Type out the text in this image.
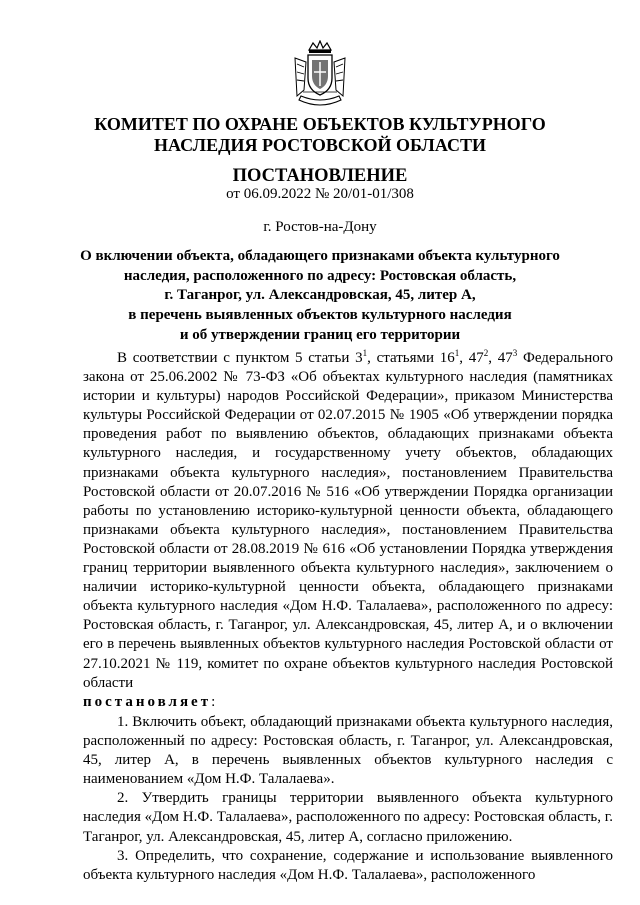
КОМИТЕТ ПО ОХРАНЕ ОБЪЕКТОВ КУЛЬТУРНОГО
НАСЛЕДИЯ РОСТОВСКОЙ ОБЛАСТИ
ПОСТАНОВЛЕНИЕ
от 06.09.2022 № 20/01-01/308
г. Ростов-на-Дону
О включении объекта, обладающего признаками объекта культурного
наследия, расположенного по адресу: Ростовская область,
г. Таганрог, ул. Александровская, 45, литер А,
в перечень выявленных объектов культурного наследия
и об утверждении границ его территории

В соответствии с пунктом 5 статьи $3^1$, статьями $16^1$, $47^2$, $47^3$ Федерального закона от 25.06.2002 № 73-ФЗ «Об объектах культурного наследия (памятниках истории и культуры) народов Российской Федерации», приказом Министерства культуры Российской Федерации от 02.07.2015 № 1905 «Об утверждении порядка проведения работ по выявлению объектов, обладающих признаками объекта культурного наследия, и государственному учету объектов, обладающих признаками объекта культурного наследия», постановлением Правительства Ростовской области от 20.07.2016 № 516 «Об утверждении Порядка организации работы по установлению историко-культурной ценности объекта, обладающего признаками объекта культурного наследия», постановлением Правительства Ростовской области от 28.08.2019 № 616 «Об установлении Порядка утверждения границ территории выявленного объекта культурного наследия», заключением о наличии историко-культурной ценности объекта, обладающего признаками объекта культурного наследия «Дом Н.Ф. Талалаева», расположенного по адресу: Ростовская область, г. Таганрог, ул. Александровская, 45, литер А, и о включении его в перечень выявленных объектов культурного наследия Ростовской области от 27.10.2021 № 119, комитет по охране объектов культурного наследия Ростовской области

постановляет:

1. Включить объект, обладающий признаками объекта культурного наследия, расположенный по адресу: Ростовская область, г. Таганрог, ул. Александровская, 45, литер А, в перечень выявленных объектов культурного наследия с наименованием «Дом Н.Ф. Талалаева».

2. Утвердить границы территории выявленного объекта культурного наследия «Дом Н.Ф. Талалаева», расположенного по адресу: Ростовская область, г. Таганрог, ул. Александровская, 45, литер А, согласно приложению.

3. Определить, что сохранение, содержание и использование выявленного объекта культурного наследия «Дом Н.Ф. Талалаева», расположенного
